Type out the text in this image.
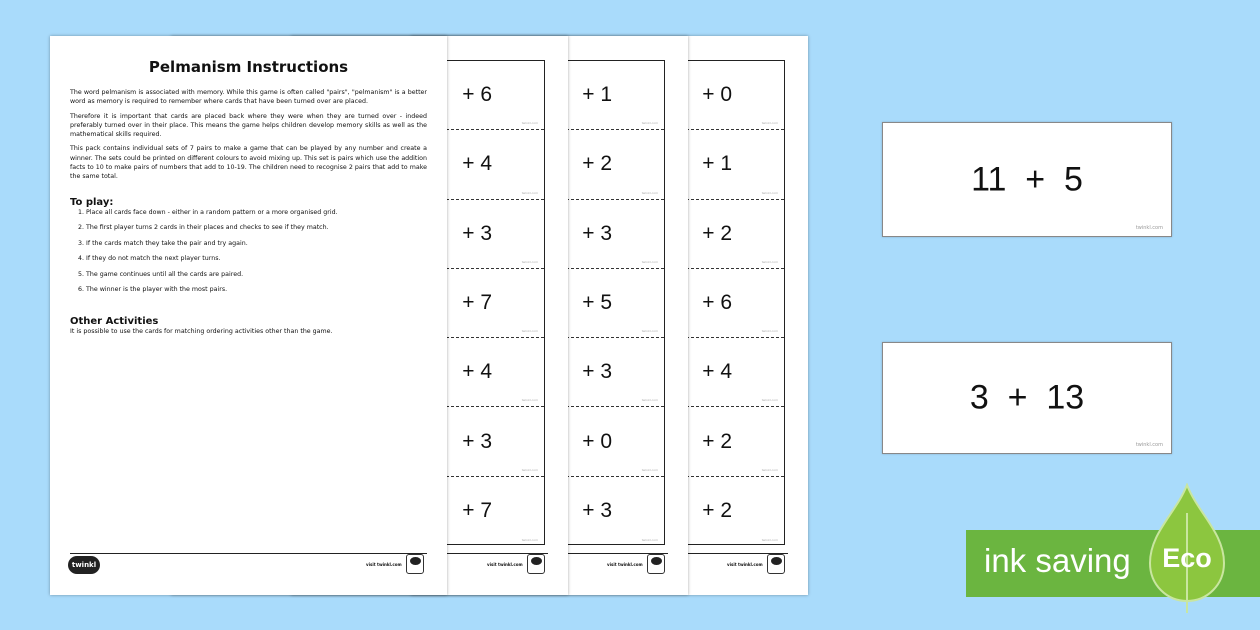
Pelmanism Instructions

The word pelmanism is associated with memory. While this game is often called "pairs", "pelmanism" is a better word as memory is required to remember where cards that have been turned over are placed.

Therefore it is important that cards are placed back where they were when they are turned over - indeed preferably turned over in their place. This means the game helps children develop memory skills as well as the mathematical skills required.

This pack contains individual sets of 7 pairs to make a game that can be played by any number and create a winner. The sets could be printed on different colours to avoid mixing up. This set is pairs which use the addition facts to 10 to make pairs of numbers that add to 10-19. The children need to recognise 2 pairs that add to make the same total.

To play:
1. Place all cards face down - either in a random pattern or a more organised grid.
2. The first player turns 2 cards in their places and checks to see if they match.
3. If the cards match they take the pair and try again.
4. If they do not match the next player turns.
5. The game continues until all the cards are paired.
6. The winner is the player with the most pairs.
Other Activities

It is possible to use the cards for matching ordering activities other than the game.

twinkl	visit twinkl.com
+ 6
twinkl.com
+ 4
twinkl.com
+ 3
twinkl.com
+ 7
twinkl.com
+ 4
twinkl.com
+ 3
twinkl.com
+ 7
twinkl.com
visit twinkl.com
+ 1
twinkl.com
+ 2
twinkl.com
+ 3
twinkl.com
+ 5
twinkl.com
+ 3
twinkl.com
+ 0
twinkl.com
+ 3
twinkl.com
visit twinkl.com
+ 0
twinkl.com
+ 1
twinkl.com
+ 2
twinkl.com
+ 6
twinkl.com
+ 4
twinkl.com
+ 2
twinkl.com
+ 2
twinkl.com
visit twinkl.com
11  +  5
twinkl.com
3  +  13
twinkl.com
ink saving Eco
